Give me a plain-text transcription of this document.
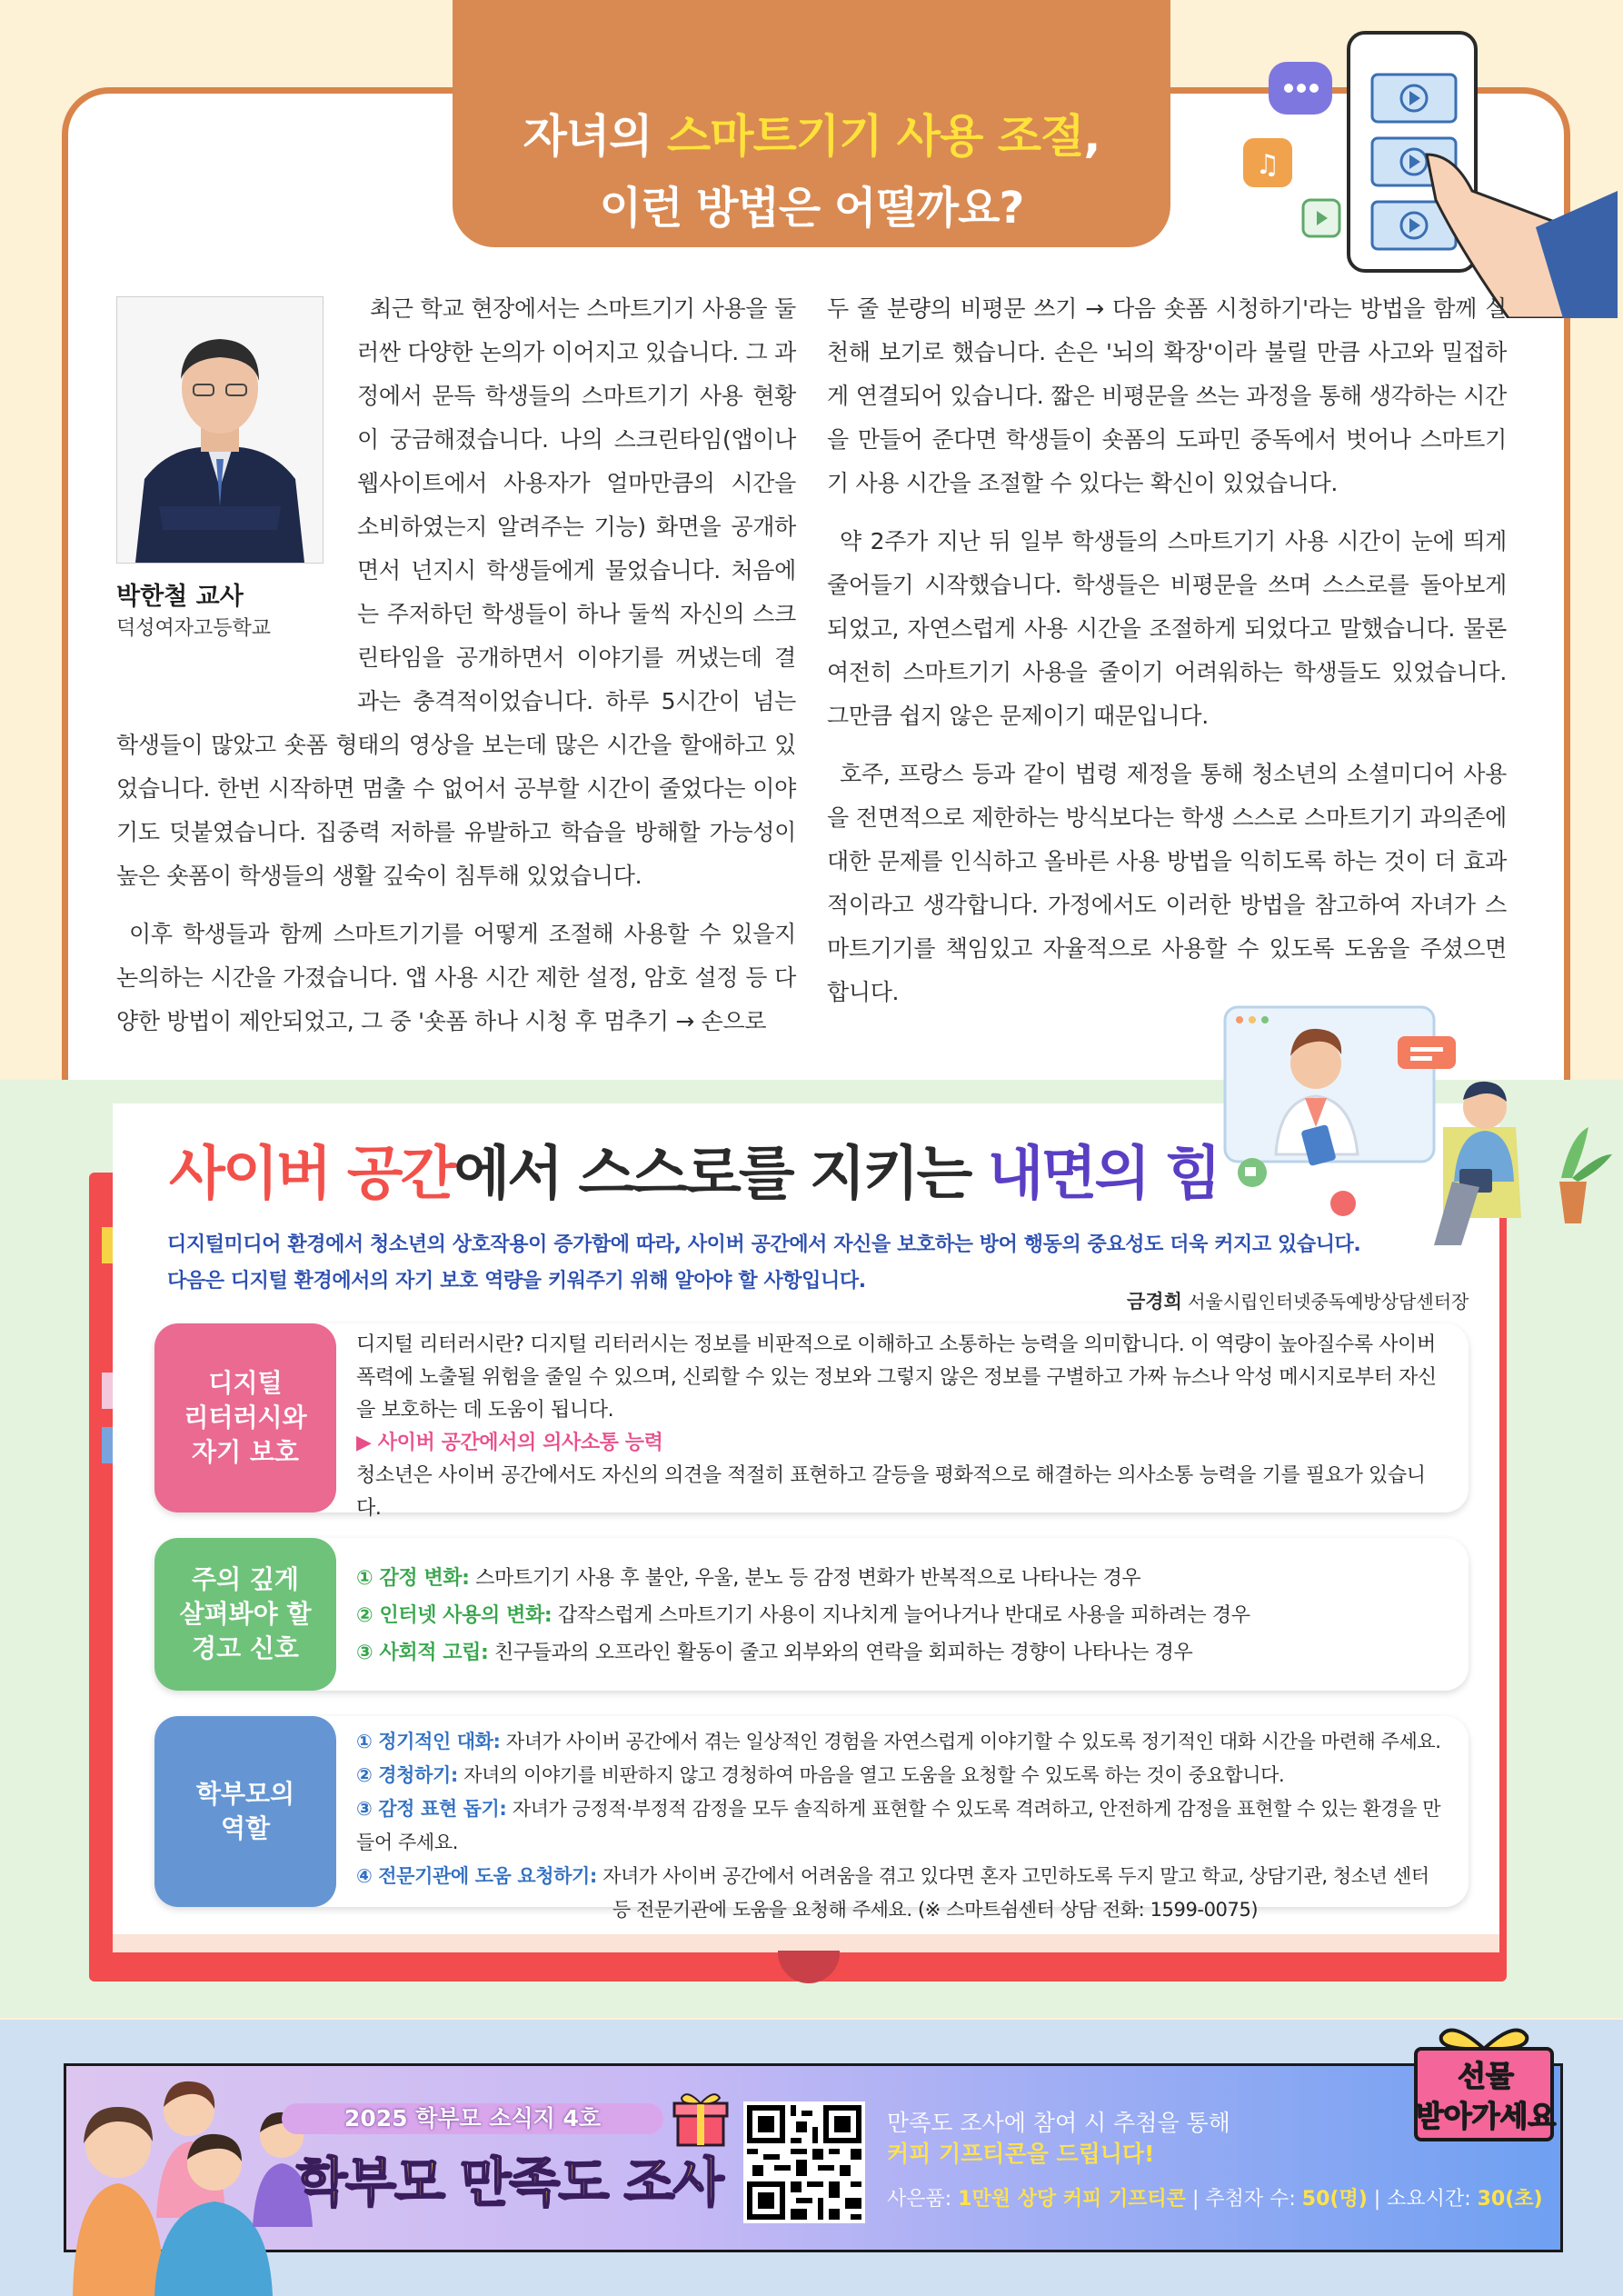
자녀의 스마트기기 사용 조절,
이런 방법은 어떨까요?
♫
박한철 교사
덕성여자고등학교

최근 학교 현장에서는 스마트기기 사용을 둘러싼 다양한 논의가 이어지고 있습니다. 그 과정에서 문득 학생들의 스마트기기 사용 현황이 궁금해졌습니다. 나의 스크린타임(앱이나 웹사이트에서 사용자가 얼마만큼의 시간을 소비하였는지 알려주는 기능) 화면을 공개하면서 넌지시 학생들에게 물었습니다. 처음에는 주저하던 학생들이 하나 둘씩 자신의 스크린타임을 공개하면서 이야기를 꺼냈는데 결과는 충격적이었습니다. 하루 5시간이 넘는 학생들이 많았고 숏폼 형태의 영상을 보는데 많은 시간을 할애하고 있었습니다. 한번 시작하면 멈출 수 없어서 공부할 시간이 줄었다는 이야기도 덧붙였습니다. 집중력 저하를 유발하고 학습을 방해할 가능성이 높은 숏폼이 학생들의 생활 깊숙이 침투해 있었습니다.

이후 학생들과 함께 스마트기기를 어떻게 조절해 사용할 수 있을지 논의하는 시간을 가졌습니다. 앱 사용 시간 제한 설정, 암호 설정 등 다양한 방법이 제안되었고, 그 중 '숏폼 하나 시청 후 멈추기 → 손으로

두 줄 분량의 비평문 쓰기 → 다음 숏폼 시청하기'라는 방법을 함께 실천해 보기로 했습니다. 손은 '뇌의 확장'이라 불릴 만큼 사고와 밀접하게 연결되어 있습니다. 짧은 비평문을 쓰는 과정을 통해 생각하는 시간을 만들어 준다면 학생들이 숏폼의 도파민 중독에서 벗어나 스마트기기 사용 시간을 조절할 수 있다는 확신이 있었습니다.

약 2주가 지난 뒤 일부 학생들의 스마트기기 사용 시간이 눈에 띄게 줄어들기 시작했습니다. 학생들은 비평문을 쓰며 스스로를 돌아보게 되었고, 자연스럽게 사용 시간을 조절하게 되었다고 말했습니다. 물론 여전히 스마트기기 사용을 줄이기 어려워하는 학생들도 있었습니다. 그만큼 쉽지 않은 문제이기 때문입니다.

호주, 프랑스 등과 같이 법령 제정을 통해 청소년의 소셜미디어 사용을 전면적으로 제한하는 방식보다는 학생 스스로 스마트기기 과의존에 대한 문제를 인식하고 올바른 사용 방법을 익히도록 하는 것이 더 효과적이라고 생각합니다. 가정에서도 이러한 방법을 참고하여 자녀가 스마트기기를 책임있고 자율적으로 사용할 수 있도록 도움을 주셨으면 합니다.

사이버 공간에서 스스로를 지키는 내면의 힘
디지털미디어 환경에서 청소년의 상호작용이 증가함에 따라, 사이버 공간에서 자신을 보호하는 방어 행동의 중요성도 더욱 커지고 있습니다.
다음은 디지털 환경에서의 자기 보호 역량을 키워주기 위해 알아야 할 사항입니다.
금경희 서울시립인터넷중독예방상담센터장
디지털
리터러시와
자기 보호
디지털 리터러시란? 디지털 리터러시는 정보를 비판적으로 이해하고 소통하는 능력을 의미합니다. 이 역량이 높아질수록 사이버폭력에 노출될 위험을 줄일 수 있으며, 신뢰할 수 있는 정보와 그렇지 않은 정보를 구별하고 가짜 뉴스나 악성 메시지로부터 자신을 보호하는 데 도움이 됩니다.
▶ 사이버 공간에서의 의사소통 능력
청소년은 사이버 공간에서도 자신의 의견을 적절히 표현하고 갈등을 평화적으로 해결하는 의사소통 능력을 기를 필요가 있습니다.
주의 깊게
살펴봐야 할
경고 신호
① 감정 변화: 스마트기기 사용 후 불안, 우울, 분노 등 감정 변화가 반복적으로 나타나는 경우
② 인터넷 사용의 변화: 갑작스럽게 스마트기기 사용이 지나치게 늘어나거나 반대로 사용을 피하려는 경우
③ 사회적 고립: 친구들과의 오프라인 활동이 줄고 외부와의 연락을 회피하는 경향이 나타나는 경우
학부모의
역할
① 정기적인 대화: 자녀가 사이버 공간에서 겪는 일상적인 경험을 자연스럽게 이야기할 수 있도록 정기적인 대화 시간을 마련해 주세요.
② 경청하기: 자녀의 이야기를 비판하지 않고 경청하여 마음을 열고 도움을 요청할 수 있도록 하는 것이 중요합니다.
③ 감정 표현 돕기: 자녀가 긍정적·부정적 감정을 모두 솔직하게 표현할 수 있도록 격려하고, 안전하게 감정을 표현할 수 있는 환경을 만들어 주세요.
④ 전문기관에 도움 요청하기: 자녀가 사이버 공간에서 어려움을 겪고 있다면 혼자 고민하도록 두지 말고 학교, 상담기관, 청소년 센터
등 전문기관에 도움을 요청해 주세요. (※ 스마트쉼센터 상담 전화: 1599-0075)
2025 학부모 소식지 4호
학부모 만족도 조사
만족도 조사에 참여 시 추첨을 통해
커피 기프티콘을 드립니다!
사은품: 1만원 상당 커피 기프티콘 | 추첨자 수: 50(명) | 소요시간: 30(초)
선물
받아가세요
